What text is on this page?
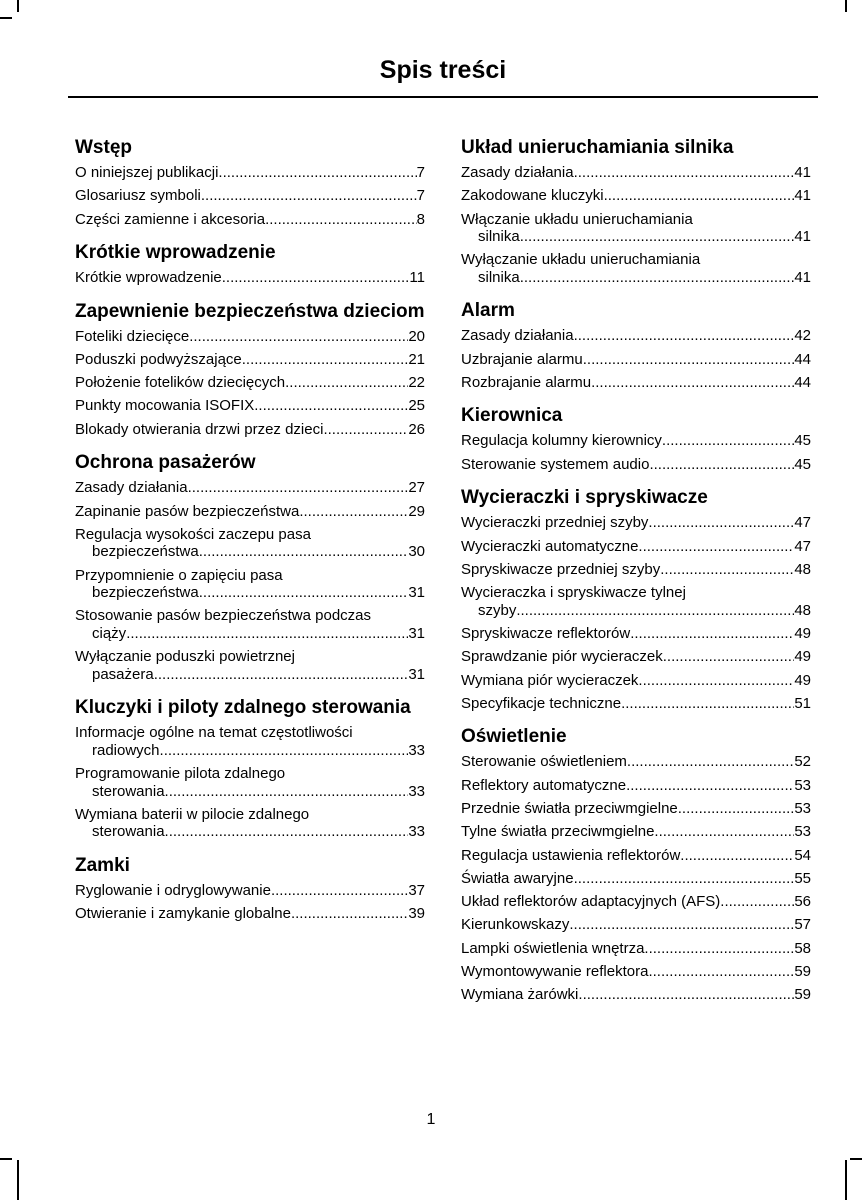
Spis treści
Wstęp
O niniejszej publikacji .....	7
Glosariusz symboli .....	7
Części zamienne i akcesoria .....	8
Krótkie wprowadzenie
Krótkie wprowadzenie .....	11
Zapewnienie bezpieczeństwa dzieciom
Foteliki dziecięce .....	20
Poduszki podwyższające .....	21
Położenie fotelików dziecięcych .....	22
Punkty mocowania ISOFIX .....	25
Blokady otwierania drzwi przez dzieci .....	26
Ochrona pasażerów
Zasady działania .....	27
Zapinanie pasów bezpieczeństwa .....	29
Regulacja wysokości zaczepu pasa
bezpieczeństwa .....	30
Przypomnienie o zapięciu pasa
bezpieczeństwa .....	31
Stosowanie pasów bezpieczeństwa podczas
ciąży .....	31
Wyłączanie poduszki powietrznej
pasażera .....	31
Kluczyki i piloty zdalnego sterowania
Informacje ogólne na temat częstotliwości
radiowych .....	33
Programowanie pilota zdalnego
sterowania .....	33
Wymiana baterii w pilocie zdalnego
sterowania .....	33
Zamki
Ryglowanie i odryglowywanie .....	37
Otwieranie i zamykanie globalne .....	39
Układ unieruchamiania silnika
Zasady działania .....	41
Zakodowane kluczyki .....	41
Włączanie układu unieruchamiania
silnika .....	41
Wyłączanie układu unieruchamiania
silnika .....	41
Alarm
Zasady działania .....	42
Uzbrajanie alarmu .....	44
Rozbrajanie alarmu .....	44
Kierownica
Regulacja kolumny kierownicy .....	45
Sterowanie systemem audio .....	45
Wycieraczki i spryskiwacze
Wycieraczki przedniej szyby .....	47
Wycieraczki automatyczne .....	47
Spryskiwacze przedniej szyby .....	48
Wycieraczka i spryskiwacze tylnej
szyby .....	48
Spryskiwacze reflektorów .....	49
Sprawdzanie piór wycieraczek .....	49
Wymiana piór wycieraczek .....	49
Specyfikacje techniczne .....	51
Oświetlenie
Sterowanie oświetleniem .....	52
Reflektory automatyczne .....	53
Przednie światła przeciwmgielne .....	53
Tylne światła przeciwmgielne .....	53
Regulacja ustawienia reflektorów .....	54
Światła awaryjne .....	55
Układ reflektorów adaptacyjnych (AFS) .....	56
Kierunkowskazy .....	57
Lampki oświetlenia wnętrza .....	58
Wymontowywanie reflektora .....	59
Wymiana żarówki .....	59
1
